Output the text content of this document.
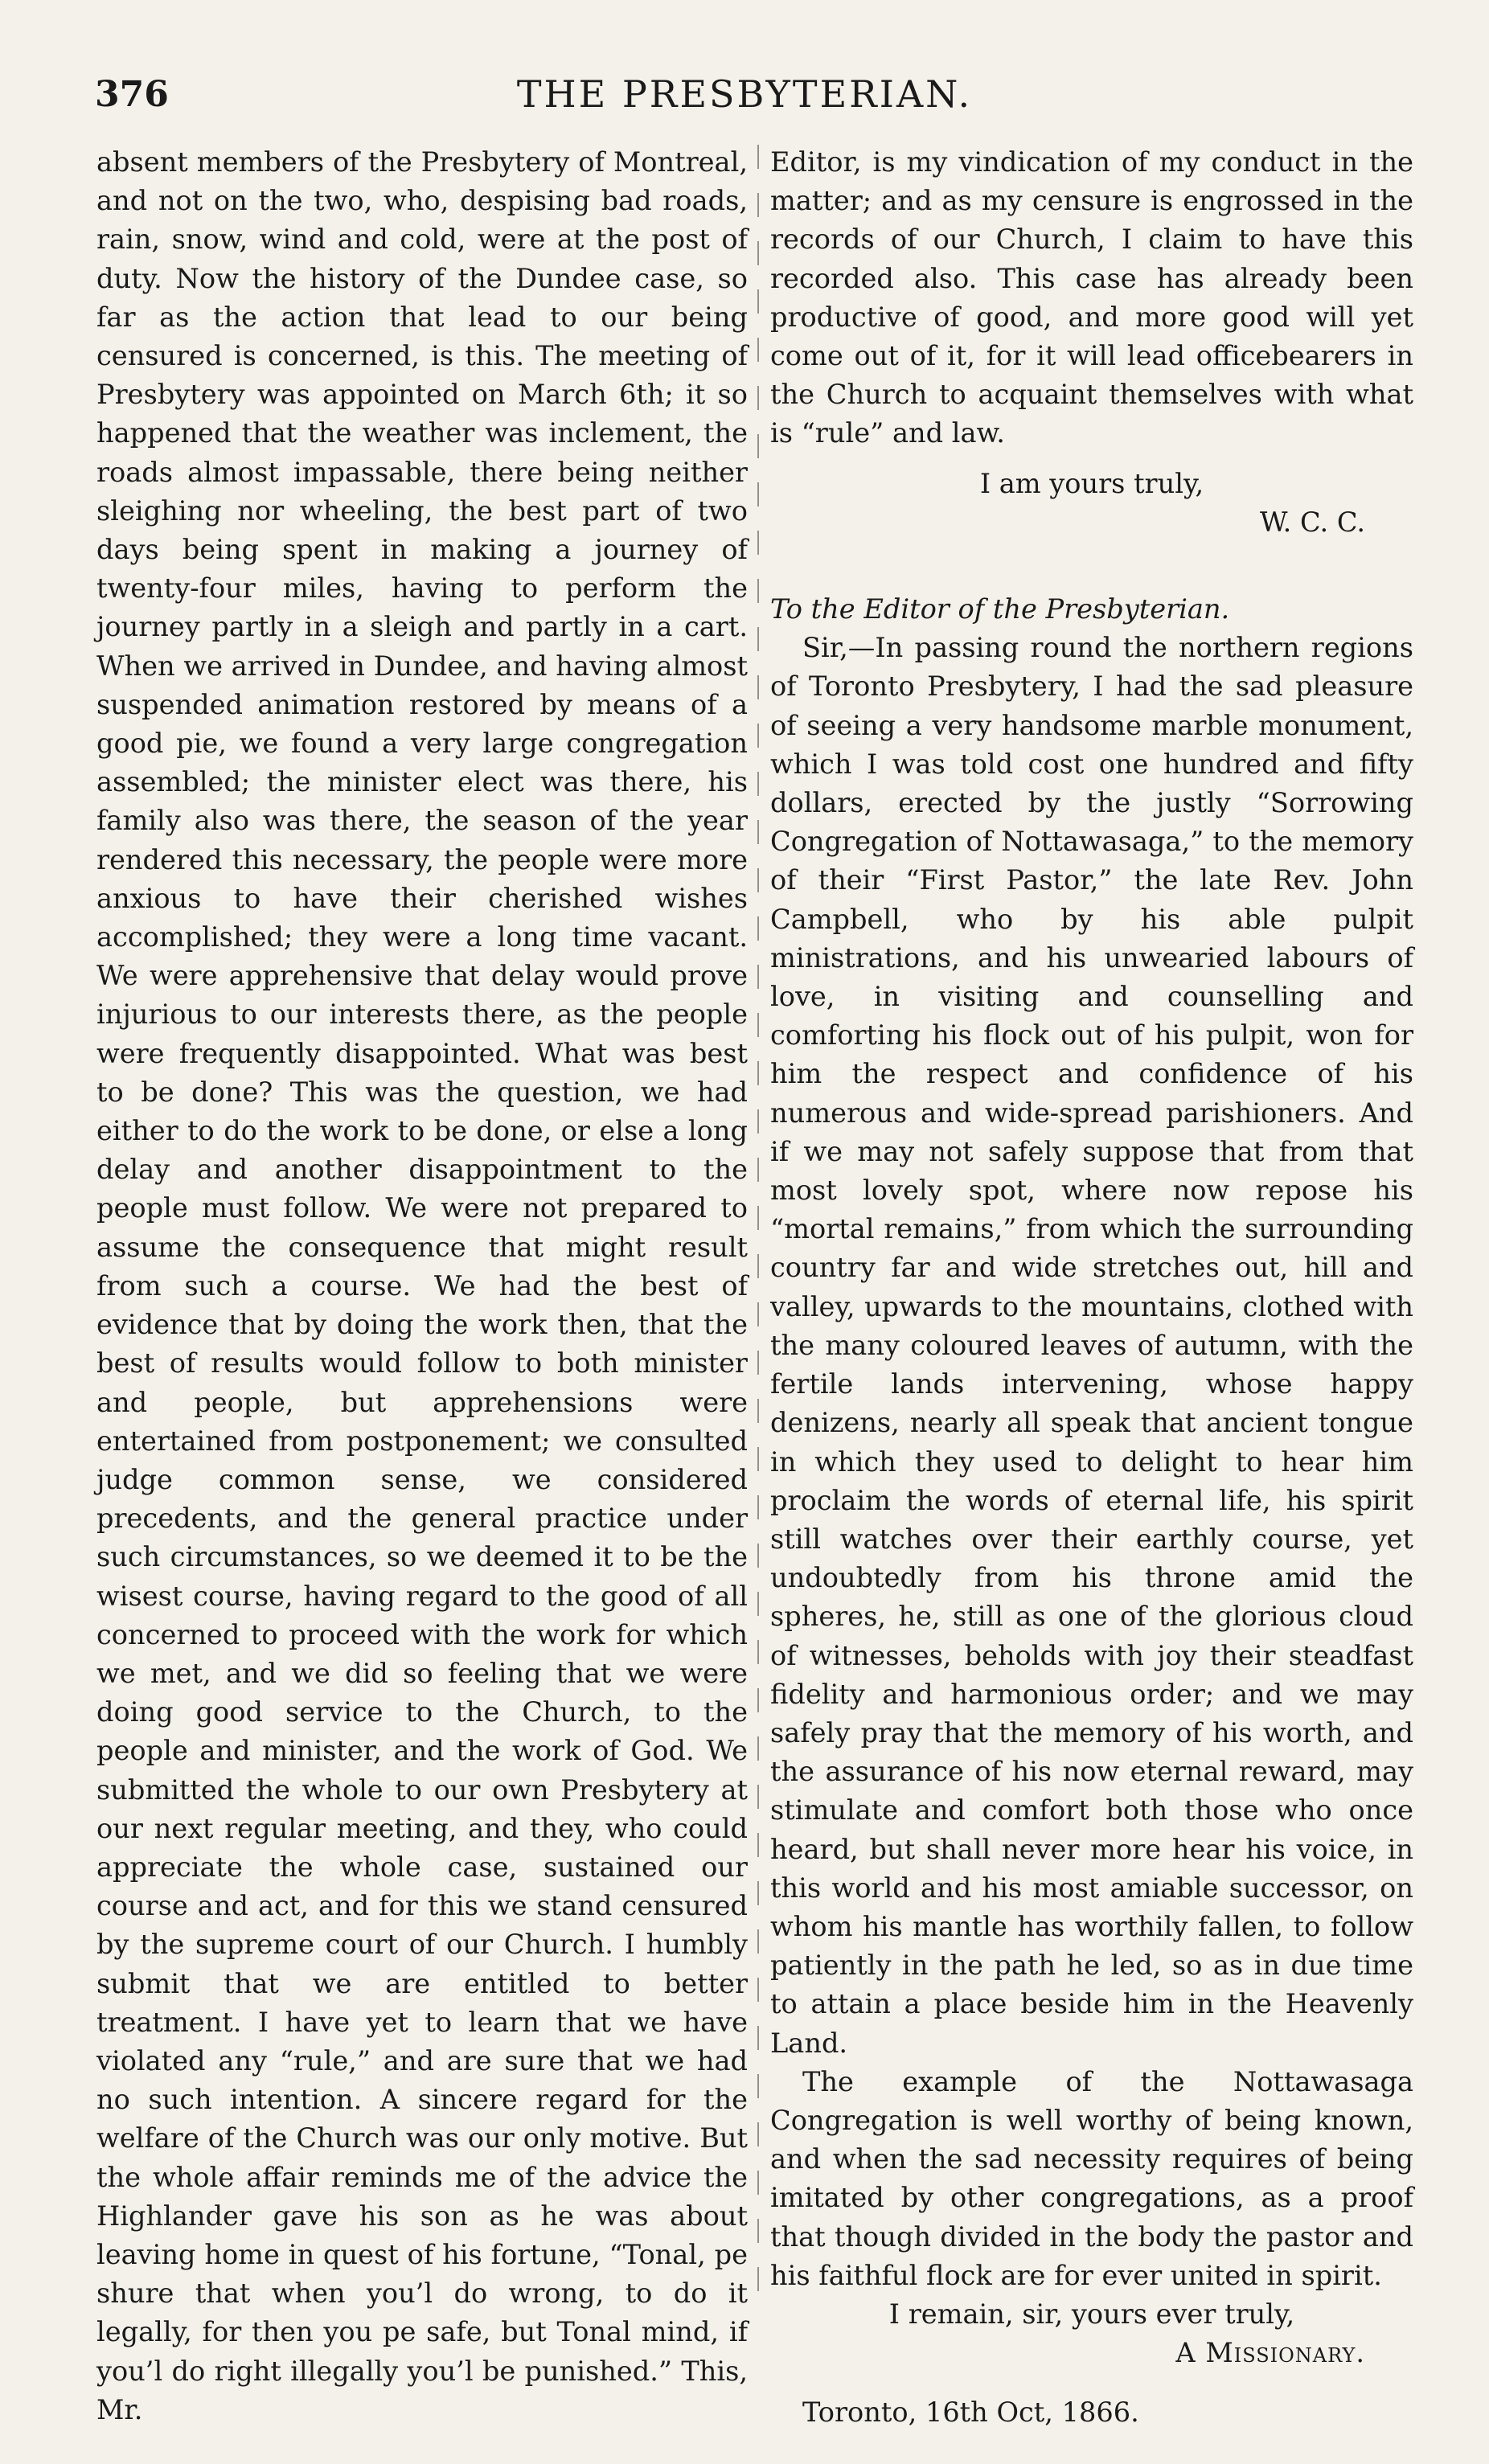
376	THE PRESBYTERIAN.

absent members of the Presbytery of Montreal, and not on the two, who, despising bad roads, rain, snow, wind and cold, were at the post of duty. Now the history of the Dundee case, so far as the action that lead to our being censured is concerned, is this. The meeting of Presbytery was appointed on March 6th; it so happened that the weather was inclement, the roads almost impassable, there being neither sleighing nor wheeling, the best part of two days being spent in making a journey of twenty-four miles, having to perform the journey partly in a sleigh and partly in a cart. When we arrived in Dundee, and having almost suspended animation restored by means of a good pie, we found a very large congregation assembled; the minister elect was there, his family also was there, the season of the year rendered this necessary, the people were more anxious to have their cherished wishes accomplished; they were a long time vacant. We were apprehensive that delay would prove injurious to our interests there, as the people were frequently disappointed. What was best to be done? This was the question, we had either to do the work to be done, or else a long delay and another disappointment to the people must follow. We were not prepared to assume the consequence that might result from such a course. We had the best of evidence that by doing the work then, that the best of results would follow to both minister and people, but apprehensions were entertained from postponement; we consulted judge common sense, we considered precedents, and the general practice under such circumstances, so we deemed it to be the wisest course, having regard to the good of all concerned to proceed with the work for which we met, and we did so feeling that we were doing good service to the Church, to the people and minister, and the work of God. We submitted the whole to our own Presbytery at our next regular meeting, and they, who could appreciate the whole case, sustained our course and act, and for this we stand censured by the supreme court of our Church. I humbly submit that we are entitled to better treatment. I have yet to learn that we have violated any “rule,” and are sure that we had no such intention. A sincere regard for the welfare of the Church was our only motive. But the whole affair reminds me of the advice the Highlander gave his son as he was about leaving home in quest of his fortune, “Tonal, pe shure that when you’l do wrong, to do it legally, for then you pe safe, but Tonal mind, if you’l do right illegally you’l be punished.” This, Mr.

Editor, is my vindication of my conduct in the matter; and as my censure is engrossed in the records of our Church, I claim to have this recorded also. This case has already been productive of good, and more good will yet come out of it, for it will lead officebearers in the Church to acquaint themselves with what is “rule” and law.

I am yours truly,

W. C. C.

To the Editor of the Presbyterian.

Sir,—In passing round the northern regions of Toronto Presbytery, I had the sad pleasure of seeing a very handsome marble monument, which I was told cost one hundred and fifty dollars, erected by the justly “Sorrowing Congregation of Nottawasaga,” to the memory of their “First Pastor,” the late Rev. John Campbell, who by his able pulpit ministrations, and his unwearied labours of love, in visiting and counselling and comforting his flock out of his pulpit, won for him the respect and confidence of his numerous and wide-spread parishioners. And if we may not safely suppose that from that most lovely spot, where now repose his “mortal remains,” from which the surrounding country far and wide stretches out, hill and valley, upwards to the mountains, clothed with the many coloured leaves of autumn, with the fertile lands intervening, whose happy denizens, nearly all speak that ancient tongue in which they used to delight to hear him proclaim the words of eternal life, his spirit still watches over their earthly course, yet undoubtedly from his throne amid the spheres, he, still as one of the glorious cloud of witnesses, beholds with joy their steadfast fidelity and harmonious order; and we may safely pray that the memory of his worth, and the assurance of his now eternal reward, may stimulate and comfort both those who once heard, but shall never more hear his voice, in this world and his most amiable successor, on whom his mantle has worthily fallen, to follow patiently in the path he led, so as in due time to attain a place beside him in the Heavenly Land.

The example of the Nottawasaga Congregation is well worthy of being known, and when the sad necessity requires of being imitated by other congregations, as a proof that though divided in the body the pastor and his faithful flock are for ever united in spirit.

I remain, sir, yours ever truly,

A Missionary.

Toronto, 16th Oct, 1866.
